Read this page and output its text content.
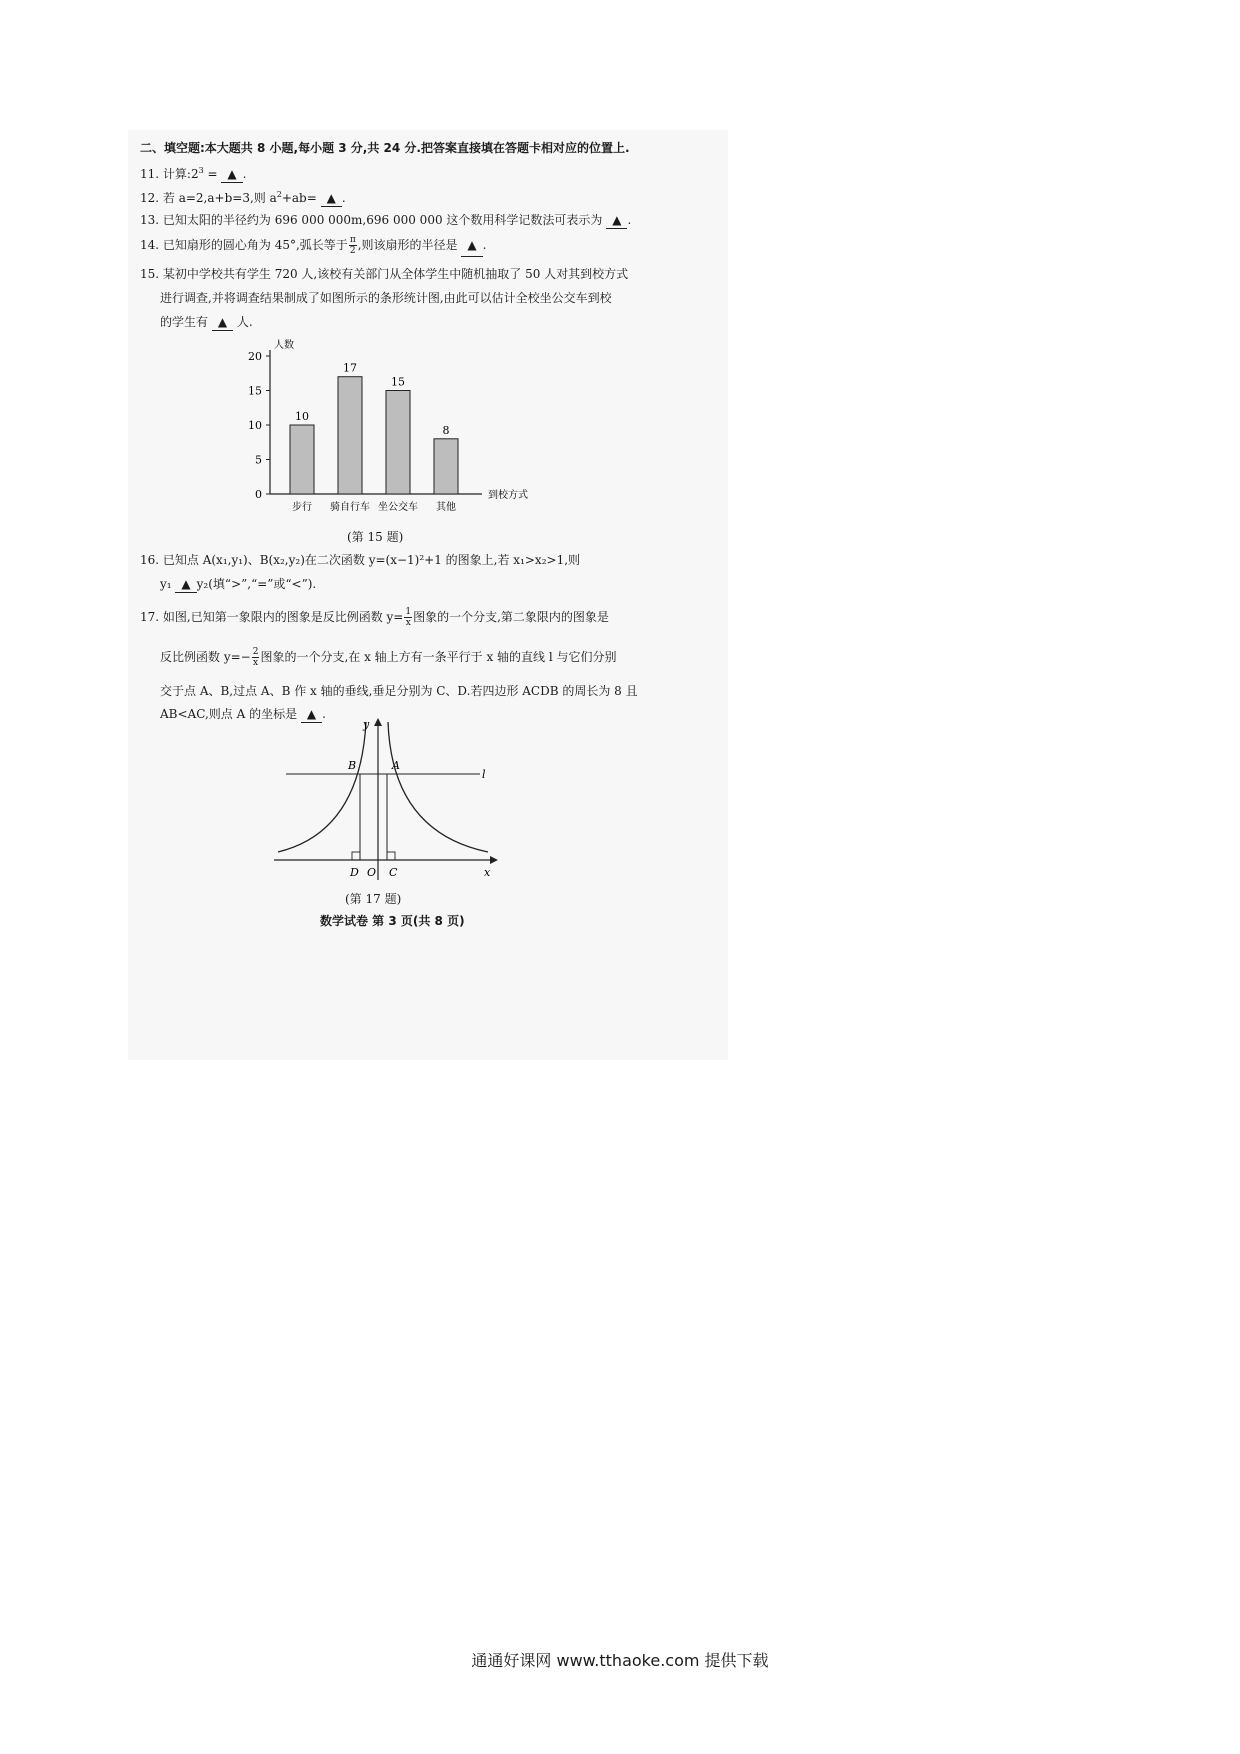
二、填空题:本大题共 8 小题,每小题 3 分,共 24 分.把答案直接填在答题卡相对应的位置上.
11. 计算$:2^3$ = ▲ .
12. 若 a=2,a+b=3,则 $a^2+ab=$ ▲ .
13. 已知太阳的半径约为 696 000 000m,696 000 000 这个数用科学记数法可表示为 ▲ .
14. 已知扇形的圆心角为 45°,弧长等于 $\frac{\pi}{2}$ ,则该扇形的半径是 ▲ .
15. 某初中学校共有学生 720 人,该校有关部门从全体学生中随机抽取了 50 人对其到校方式
进行调查,并将调查结果制成了如图所示的条形统计图,由此可以估计全校坐公交车到校
的学生有 ▲ 人.
人数
到校方式
0
5
10
15
20
10
步行
17
骑自行车
15
坐公交车
8
其他
(第 15 题)
16. 已知点 A(x₁,y₁)、B(x₂,y₂)在二次函数 y=(x−1)²+1 的图象上,若 x₁>x₂>1,则
y₁ ▲ y₂(填“>”,“=”或“<”).
17. 如图,已知第一象限内的图象是反比例函数 $y= \frac{1}{x}$ 图象的一个分支,第二象限内的图象是
反比例函数 $y=- \frac{2}{x}$ 图象的一个分支,在 x 轴上方有一条平行于 x 轴的直线 l 与它们分别
交于点 A、B,过点 A、B 作 x 轴的垂线,垂足分别为 C、D.若四边形 ACDB 的周长为 8 且
AB<AC,则点 A 的坐标是 ▲ .
y
x
l
B	A
D O C
(第 17 题)
数学试卷 第 3 页(共 8 页)
通通好课网 www.tthaoke.com 提供下载
